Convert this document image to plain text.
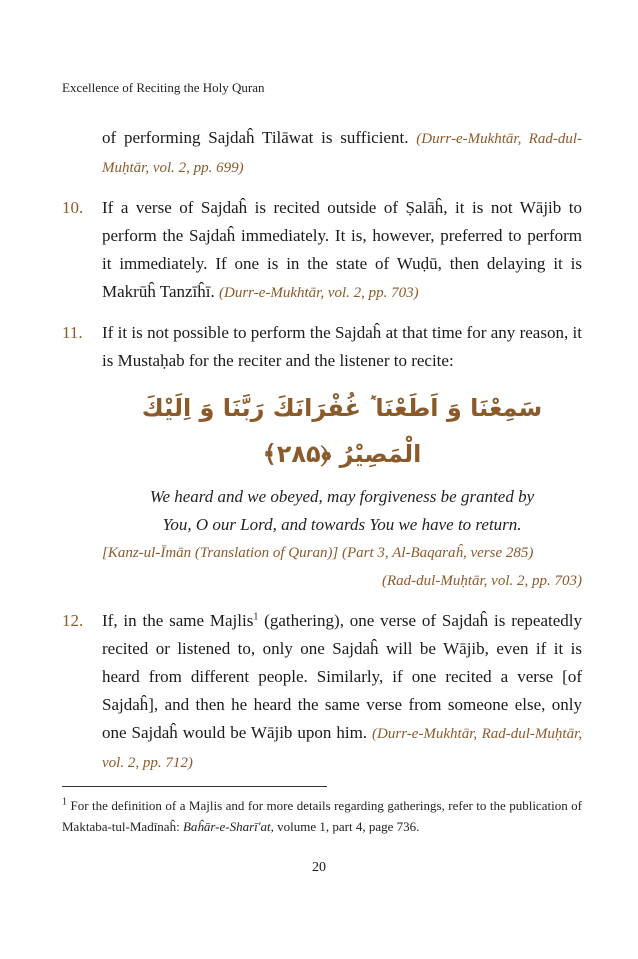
Excellence of Reciting the Holy Quran
of performing Sajdaĥ Tilāwat is sufficient. (Durr-e-Mukhtār, Rad-dul-Muḥtār, vol. 2, pp. 699)
10.	If a verse of Sajdaĥ is recited outside of Ṣalāĥ, it is not Wājib to perform the Sajdaĥ immediately. It is, however, preferred to perform it immediately. If one is in the state of Wuḍū, then delaying it is Makrūĥ Tanzīĥī. (Durr-e-Mukhtār, vol. 2, pp. 703)
11.	If it is not possible to perform the Sajdaĥ at that time for any reason, it is Mustaḥab for the reciter and the listener to recite:
سَمِعْنَا وَ اَطَعْنَا ٞ غُفْرَانَكَ رَبَّنَا وَ اِلَيْكَ الْمَصِيْرُ ﴿۲۸۵﴾
We heard and we obeyed, may forgiveness be granted by
You, O our Lord, and towards You we have to return.
[Kanz-ul-Īmān (Translation of Quran)] (Part 3, Al-Baqaraĥ, verse 285)
(Rad-dul-Muḥtār, vol. 2, pp. 703)
12.	If, in the same Majlis$^1$ (gathering), one verse of Sajdaĥ is repeatedly recited or listened to, only one Sajdaĥ will be Wājib, even if it is heard from different people. Similarly, if one recited a verse [of Sajdaĥ], and then he heard the same verse from someone else, only one Sajdaĥ would be Wājib upon him. (Durr-e-Mukhtār, Rad-dul-Muḥtār, vol. 2, pp. 712)
$^1$ For the definition of a Majlis and for more details regarding gatherings, refer to the publication of Maktaba-tul-Madīnaĥ: Baĥār-e-Sharī'at, volume 1, part 4, page 736.
20
